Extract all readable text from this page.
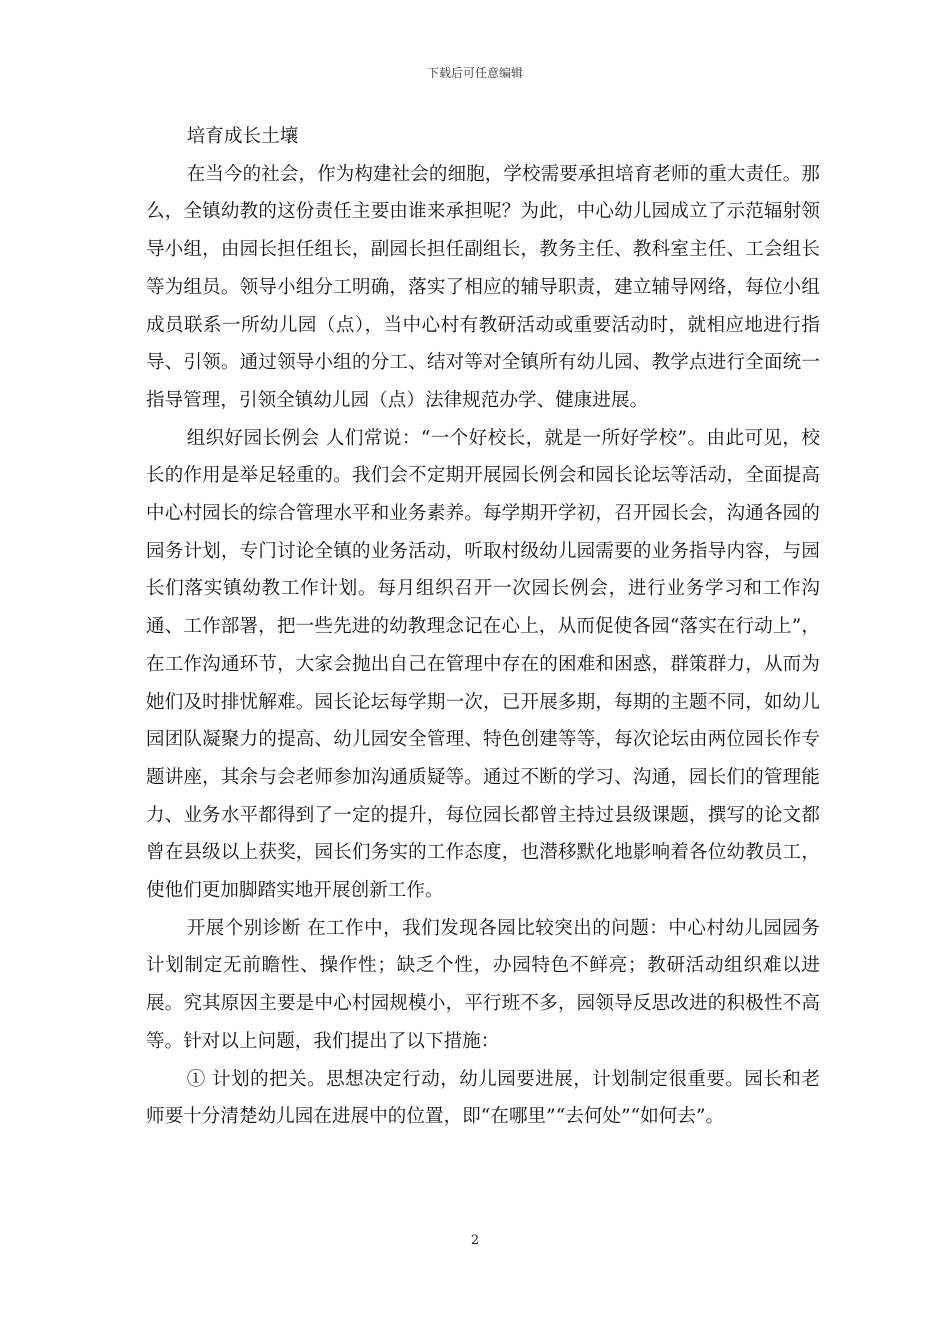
下载后可任意编辑

培育成长土壤

在当今的社会，作为构建社会的细胞，学校需要承担培育老师的重大责任。那么，全镇幼教的这份责任主要由谁来承担呢？为此，中心幼儿园成立了示范辐射领导小组，由园长担任组长，副园长担任副组长，教务主任、教科室主任、工会组长等为组员。领导小组分工明确，落实了相应的辅导职责，建立辅导网络，每位小组成员联系一所幼儿园（点），当中心村有教研活动或重要活动时，就相应地进行指导、引领。通过领导小组的分工、结对等对全镇所有幼儿园、教学点进行全面统一指导管理，引领全镇幼儿园（点）法律规范办学、健康进展。

组织好园长例会 人们常说：“一个好校长，就是一所好学校”。由此可见，校长的作用是举足轻重的。我们会不定期开展园长例会和园长论坛等活动，全面提高中心村园长的综合管理水平和业务素养。每学期开学初，召开园长会，沟通各园的园务计划，专门讨论全镇的业务活动，听取村级幼儿园需要的业务指导内容，与园长们落实镇幼教工作计划。每月组织召开一次园长例会，进行业务学习和工作沟通、工作部署，把一些先进的幼教理念记在心上，从而促使各园“落实在行动上”，在工作沟通环节，大家会抛出自己在管理中存在的困难和困惑，群策群力，从而为她们及时排忧解难。园长论坛每学期一次，已开展多期，每期的主题不同，如幼儿园团队凝聚力的提高、幼儿园安全管理、特色创建等等，每次论坛由两位园长作专题讲座，其余与会老师参加沟通质疑等。通过不断的学习、沟通，园长们的管理能力、业务水平都得到了一定的提升，每位园长都曾主持过县级课题，撰写的论文都曾在县级以上获奖，园长们务实的工作态度，也潜移默化地影响着各位幼教员工，使他们更加脚踏实地开展创新工作。

开展个别诊断 在工作中，我们发现各园比较突出的问题：中心村幼儿园园务计划制定无前瞻性、操作性；缺乏个性，办园特色不鲜亮；教研活动组织难以进展。究其原因主要是中心村园规模小，平行班不多，园领导反思改进的积极性不高等。针对以上问题，我们提出了以下措施：

① 计划的把关。思想决定行动，幼儿园要进展，计划制定很重要。园长和老师要十分清楚幼儿园在进展中的位置，即“在哪里”“去何处”“如何去”。

2
